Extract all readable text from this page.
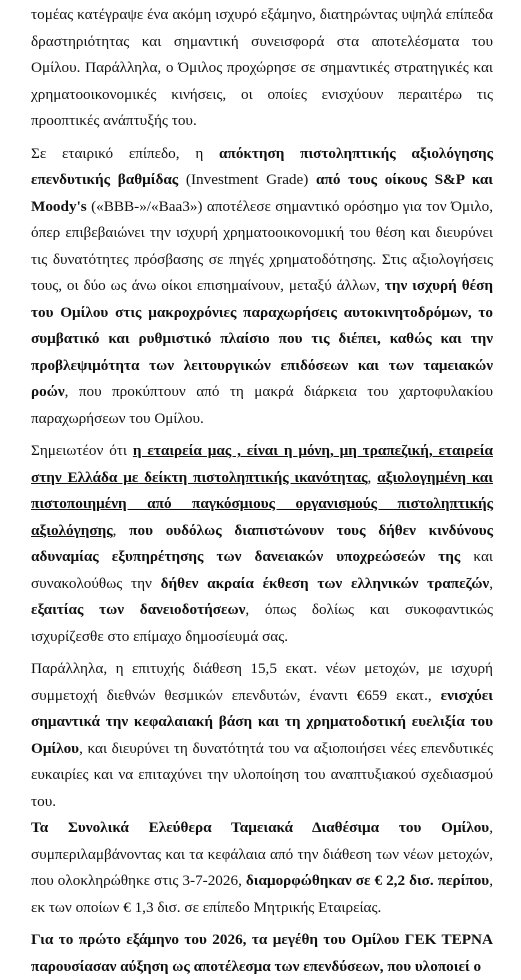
τομέας κατέγραψε ένα ακόμη ισχυρό εξάμηνο, διατηρώντας υψηλά επίπεδα δραστηριότητας και σημαντική συνεισφορά στα αποτελέσματα του Ομίλου. Παράλληλα, ο Όμιλος προχώρησε σε σημαντικές στρατηγικές και χρηματοοικονομικές κινήσεις, οι οποίες ενισχύουν περαιτέρω τις προοπτικές ανάπτυξής του.

Σε εταιρικό επίπεδο, η απόκτηση πιστοληπτικής αξιολόγησης επενδυτικής βαθμίδας (Investment Grade) από τους οίκους S&P και Moody's («BBB-»/«Baa3») αποτέλεσε σημαντικό ορόσημο για τον Όμιλο, όπερ επιβεβαιώνει την ισχυρή χρηματοοικονομική του θέση και διευρύνει τις δυνατότητες πρόσβασης σε πηγές χρηματοδότησης. Στις αξιολογήσεις τους, οι δύο ως άνω οίκοι επισημαίνουν, μεταξύ άλλων, την ισχυρή θέση του Ομίλου στις μακροχρόνιες παραχωρήσεις αυτοκινητοδρόμων, το συμβατικό και ρυθμιστικό πλαίσιο που τις διέπει, καθώς και την προβλεψιμότητα των λειτουργικών επιδόσεων και των ταμειακών ροών, που προκύπτουν από τη μακρά διάρκεια του χαρτοφυλακίου παραχωρήσεων του Ομίλου.

Σημειωτέον ότι η εταιρεία μας , είναι η μόνη, μη τραπεζική, εταιρεία στην Ελλάδα με δείκτη πιστοληπτικής ικανότητας, αξιολογημένη και πιστοποιημένη από παγκόσμιους οργανισμούς πιστοληπτικής αξιολόγησης, που ουδόλως διαπιστώνουν τους δήθεν κινδύνους αδυναμίας εξυπηρέτησης των δανειακών υποχρεώσεών της και συνακολούθως την δήθεν ακραία έκθεση των ελληνικών τραπεζών, εξαιτίας των δανειοδοτήσεων, όπως δολίως και συκοφαντικώς ισχυρίζεσθε στο επίμαχο δημοσίευμά σας.

Παράλληλα, η επιτυχής διάθεση 15,5 εκατ. νέων μετοχών, με ισχυρή συμμετοχή διεθνών θεσμικών επενδυτών, έναντι €659 εκατ., ενισχύει σημαντικά την κεφαλαιακή βάση και τη χρηματοδοτική ευελιξία του Ομίλου, και διευρύνει τη δυνατότητά του να αξιοποιήσει νέες επενδυτικές ευκαιρίες και να επιταχύνει την υλοποίηση του αναπτυξιακού σχεδιασμού του.

Τα Συνολικά Ελεύθερα Ταμειακά Διαθέσιμα του Ομίλου, συμπεριλαμβάνοντας και τα κεφάλαια από την διάθεση των νέων μετοχών, που ολοκληρώθηκε στις 3-7-2026, διαμορφώθηκαν σε € 2,2 δισ. περίπου, εκ των οποίων € 1,3 δισ. σε επίπεδο Μητρικής Εταιρείας.

Για το πρώτο εξάμηνο του 2026, τα μεγέθη του Ομίλου ΓΕΚ ΤΕΡΝΑ παρουσίασαν αύξηση ως αποτέλεσμα των επενδύσεων, που υλοποιεί ο
